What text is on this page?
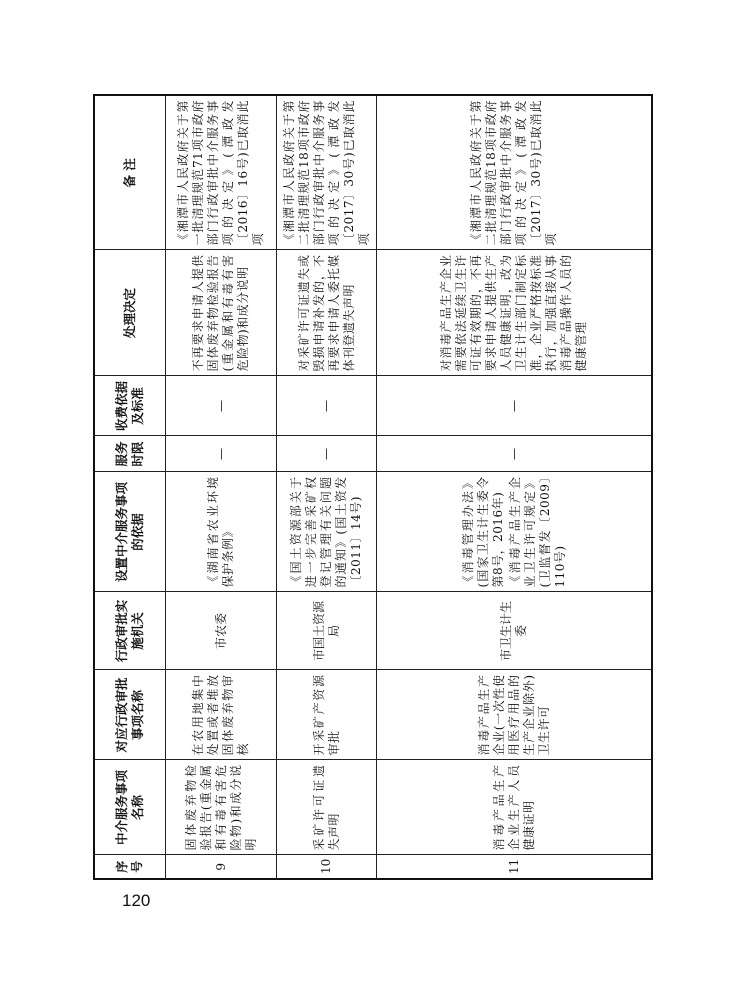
120
序号	中介服务事项名称	对应行政审批事项名称	行政审批实施机关	设置中介服务事项的依据	服务时限	收费依据及标准	处理决定	备 注
9	固体废弃物检验报告(重金属和有毒有害危险物)和成分说明	在农用地集中处置或者堆放固体废弃物审核	市农委	《湖南省农业环境保护条例》	—	—	不再要求申请人提供固体废弃物检验报告(重金属和有毒有害危险物)和成分说明	《湘潭市人民政府关于第一批清理规范71项市政府部门行政审批中介服务事项的决定》(潭政发〔2016〕16号)已取消此项
10	采矿许可证遗失声明	开采矿产资源审批	市国土资源局	《国土资源部关于进一步完善采矿权登记管理有关问题的通知》(国土资发〔2011〕14号)	—	—	对采矿许可证遗失或毁损申请补发的，不再要求申请人委托媒体刊登遗失声明	《湘潭市人民政府关于第二批清理规范18项市政府部门行政审批中介服务事项的决定》(潭政发〔2017〕30号)已取消此项
11	消毒产品生产企业生产人员健康证明	消毒产品生产企业(一次性使用医疗用品的生产企业除外)卫生许可	市卫生计生委	《消毒管理办法》(国家卫生计生委令第8号，2016年) 《消毒产品生产企业卫生许可规定》(卫监督发〔2009〕110号)	—	—	对消毒产品生产企业需要依法延续卫生许可证有效期的，不再要求申请人提供生产人员健康证明，改为卫生计生部门制定标准，企业严格按标准执行，加强直接从事消毒产品操作人员的健康管理	《湘潭市人民政府关于第二批清理规范18项市政府部门行政审批中介服务事项的决定》(潭政发〔2017〕30号)已取消此项
